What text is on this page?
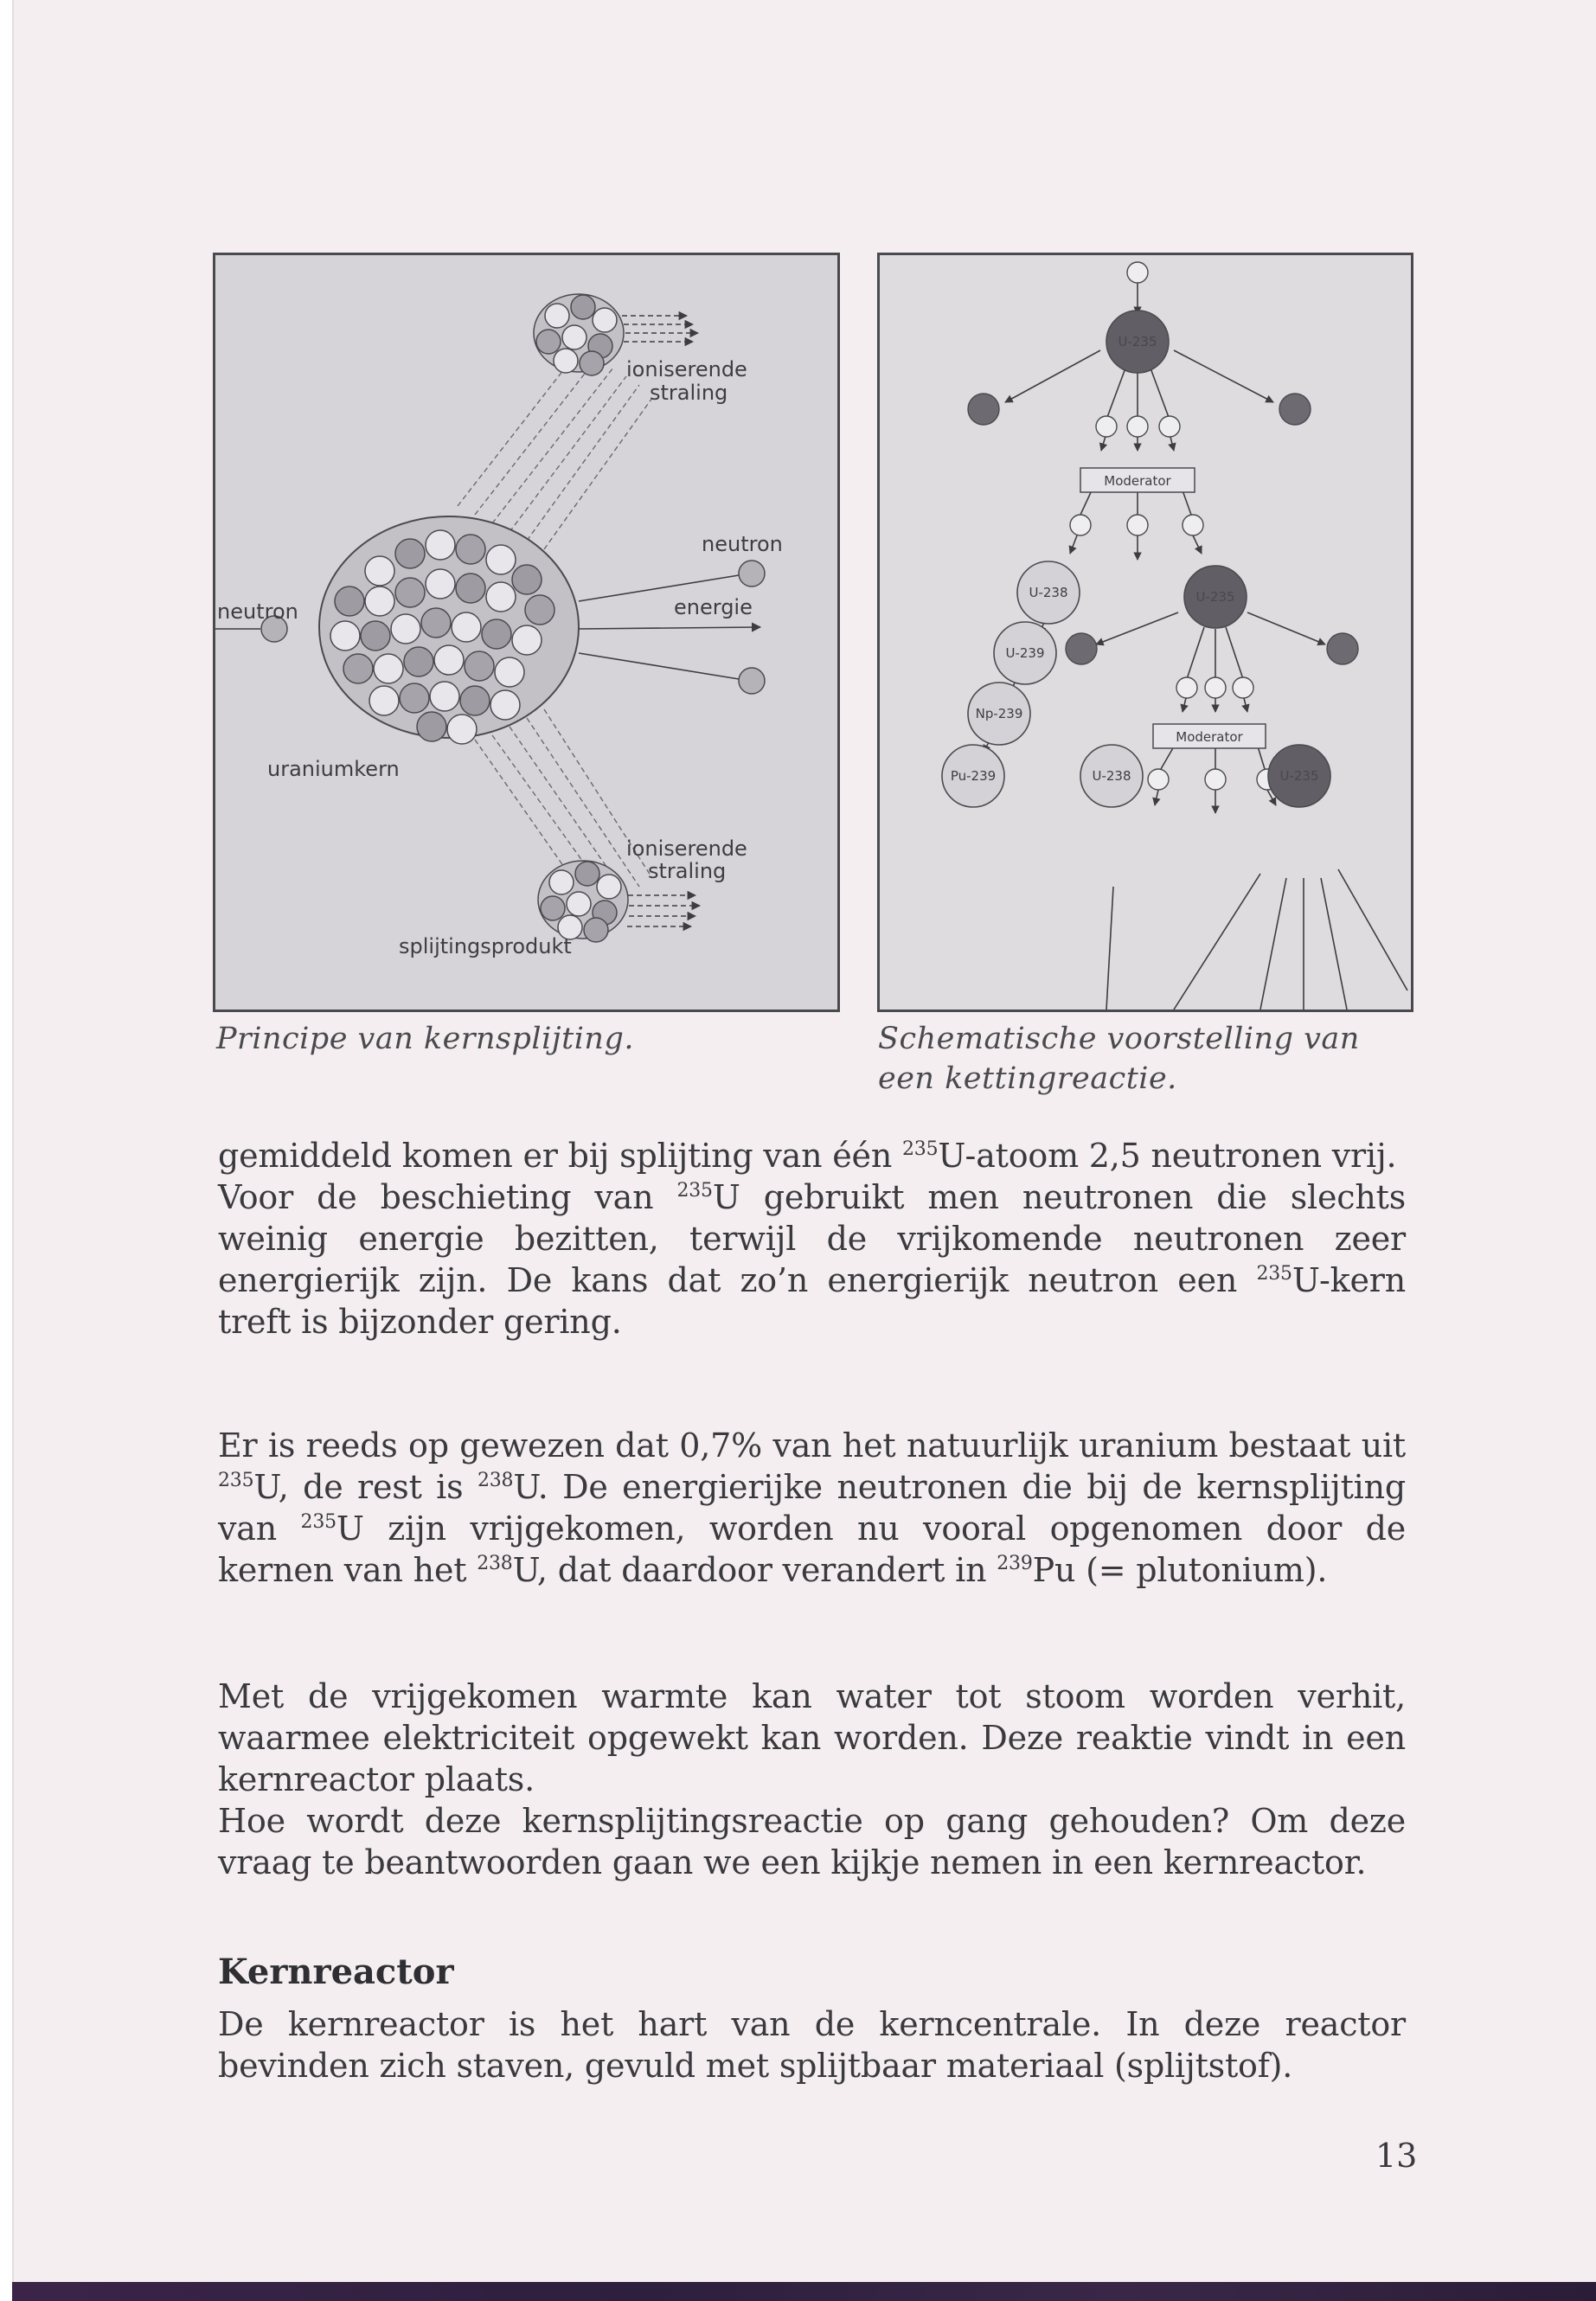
neutron
uraniumkern
neutron
energie
ioniserende
straling
ioniserende
straling
splijtingsprodukt
U-235
Moderator
U-238	U-235
U-239
Moderator
Np-239
Pu-239	U-238	U-235
Principe van kernsplijting.	Schematische voorstelling van een kettingreactie.

gemiddeld komen er bij splijting van één $^{235}$U-atoom 2,5 neutronen vrij.

Voor de beschieting van $^{235}$U gebruikt men neutronen die slechts weinig energie bezitten, terwijl de vrijkomende neutronen zeer energierijk zijn. De kans dat zo’n energierijk neutron een $^{235}$U-kern treft is bijzonder gering.

Er is reeds op gewezen dat 0,7% van het natuurlijk uranium bestaat uit $^{235}$U, de rest is $^{238}$U. De energierijke neutronen die bij de kernsplijting van $^{235}$U zijn vrijgekomen, worden nu vooral opgenomen door de kernen van het $^{238}$U, dat daardoor verandert in $^{239}$Pu (= plutonium).

Met de vrijgekomen warmte kan water tot stoom worden verhit, waarmee elektriciteit opgewekt kan worden. Deze reaktie vindt in een kernreactor plaats.

Hoe wordt deze kernsplijtingsreactie op gang gehouden? Om deze vraag te beantwoorden gaan we een kijkje nemen in een kernreactor.

Kernreactor

De kernreactor is het hart van de kerncentrale. In deze reactor bevinden zich staven, gevuld met splijtbaar materiaal (splijtstof).

13
